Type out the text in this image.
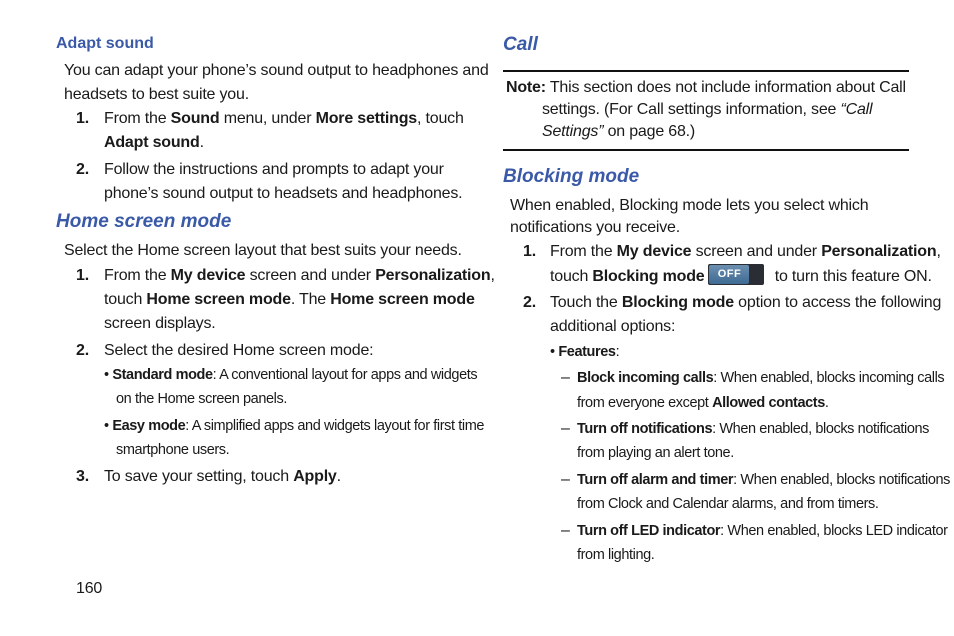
Adapt sound
You can adapt your phone’s sound output to headphones and
headsets to best suite you.
1. From the Sound menu, under More settings, touch
Adapt sound.
2. Follow the instructions and prompts to adapt your
phone’s sound output to headsets and headphones.
Home screen mode
Select the Home screen layout that best suits your needs.
1. From the My device screen and under Personalization,
touch Home screen mode. The Home screen mode
screen displays.
2. Select the desired Home screen mode:
• Standard mode: A conventional layout for apps and widgets
on the Home screen panels.
• Easy mode: A simplified apps and widgets layout for first time
smartphone users.
3. To save your setting, touch Apply.
160
Call
Note: This section does not include information about Call
settings. (For Call settings information, see “Call
Settings” on page 68.)
Blocking mode
When enabled, Blocking mode lets you select which
notifications you receive.
1. From the My device screen and under Personalization,
touch Blocking mode	OFF	to turn this feature ON.
2. Touch the Blocking mode option to access the following
additional options:
• Features:
– Block incoming calls: When enabled, blocks incoming calls
from everyone except Allowed contacts.
– Turn off notifications: When enabled, blocks notifications
from playing an alert tone.
– Turn off alarm and timer: When enabled, blocks notifications
from Clock and Calendar alarms, and from timers.
– Turn off LED indicator: When enabled, blocks LED indicator
from lighting.
